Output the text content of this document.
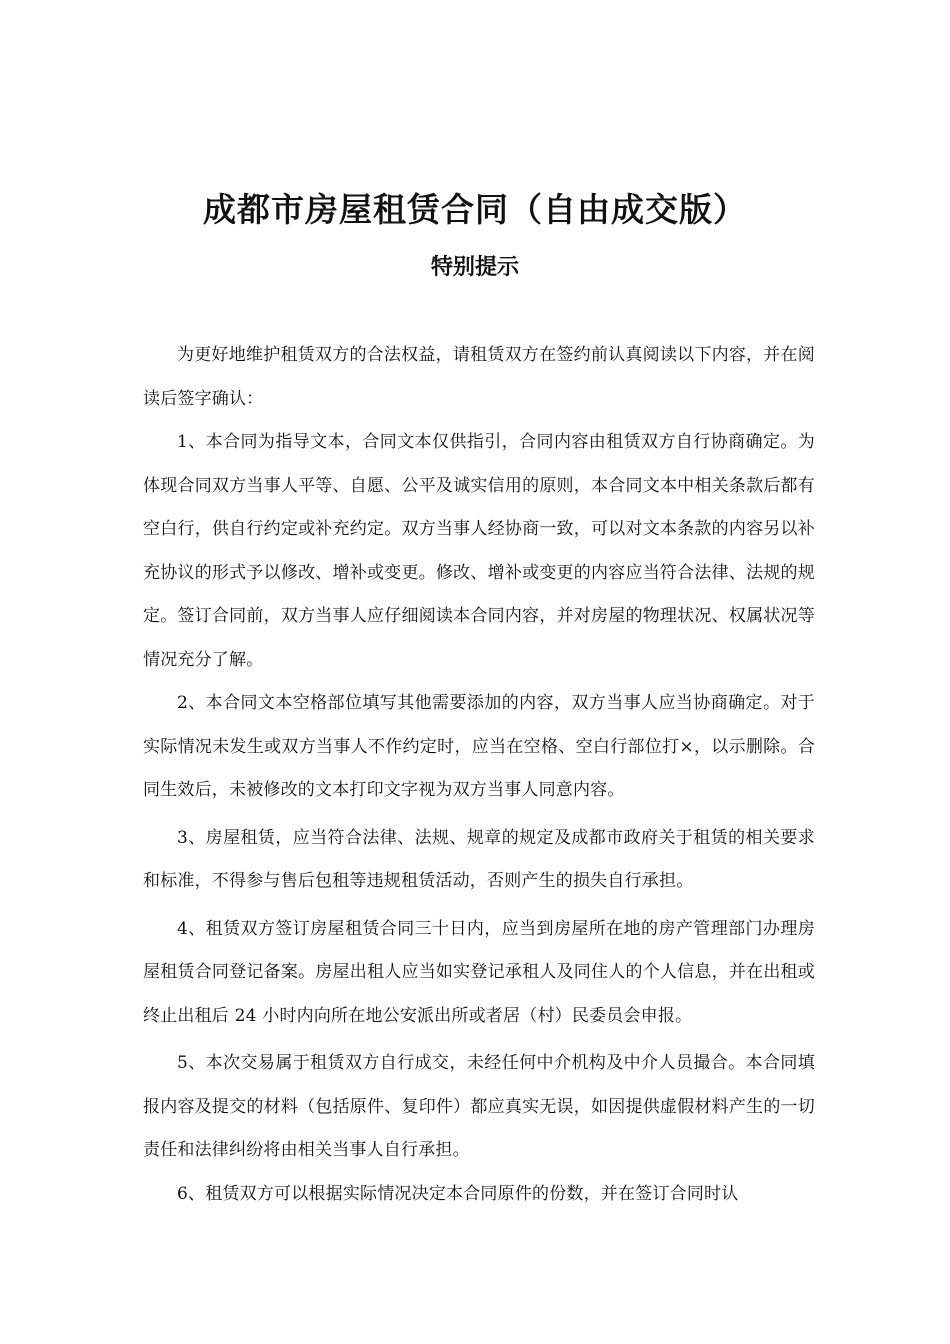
成都市房屋租赁合同（自由成交版）
特别提示

为更好地维护租赁双方的合法权益，请租赁双方在签约前认真阅读以下内容，并在阅读后签字确认：

1、本合同为指导文本，合同文本仅供指引，合同内容由租赁双方自行协商确定。为体现合同双方当事人平等、自愿、公平及诚实信用的原则，本合同文本中相关条款后都有空白行，供自行约定或补充约定。双方当事人经协商一致，可以对文本条款的内容另以补充协议的形式予以修改、增补或变更。修改、增补或变更的内容应当符合法律、法规的规定。签订合同前，双方当事人应仔细阅读本合同内容，并对房屋的物理状况、权属状况等情况充分了解。

2、本合同文本空格部位填写其他需要添加的内容，双方当事人应当协商确定。对于实际情况未发生或双方当事人不作约定时，应当在空格、空白行部位打×，以示删除。合同生效后，未被修改的文本打印文字视为双方当事人同意内容。

3、房屋租赁，应当符合法律、法规、规章的规定及成都市政府关于租赁的相关要求和标准，不得参与售后包租等违规租赁活动，否则产生的损失自行承担。

4、租赁双方签订房屋租赁合同三十日内，应当到房屋所在地的房产管理部门办理房屋租赁合同登记备案。房屋出租人应当如实登记承租人及同住人的个人信息，并在出租或终止出租后 24 小时内向所在地公安派出所或者居（村）民委员会申报。

5、本次交易属于租赁双方自行成交，未经任何中介机构及中介人员撮合。本合同填报内容及提交的材料（包括原件、复印件）都应真实无误，如因提供虚假材料产生的一切责任和法律纠纷将由相关当事人自行承担。

6、租赁双方可以根据实际情况决定本合同原件的份数，并在签订合同时认
